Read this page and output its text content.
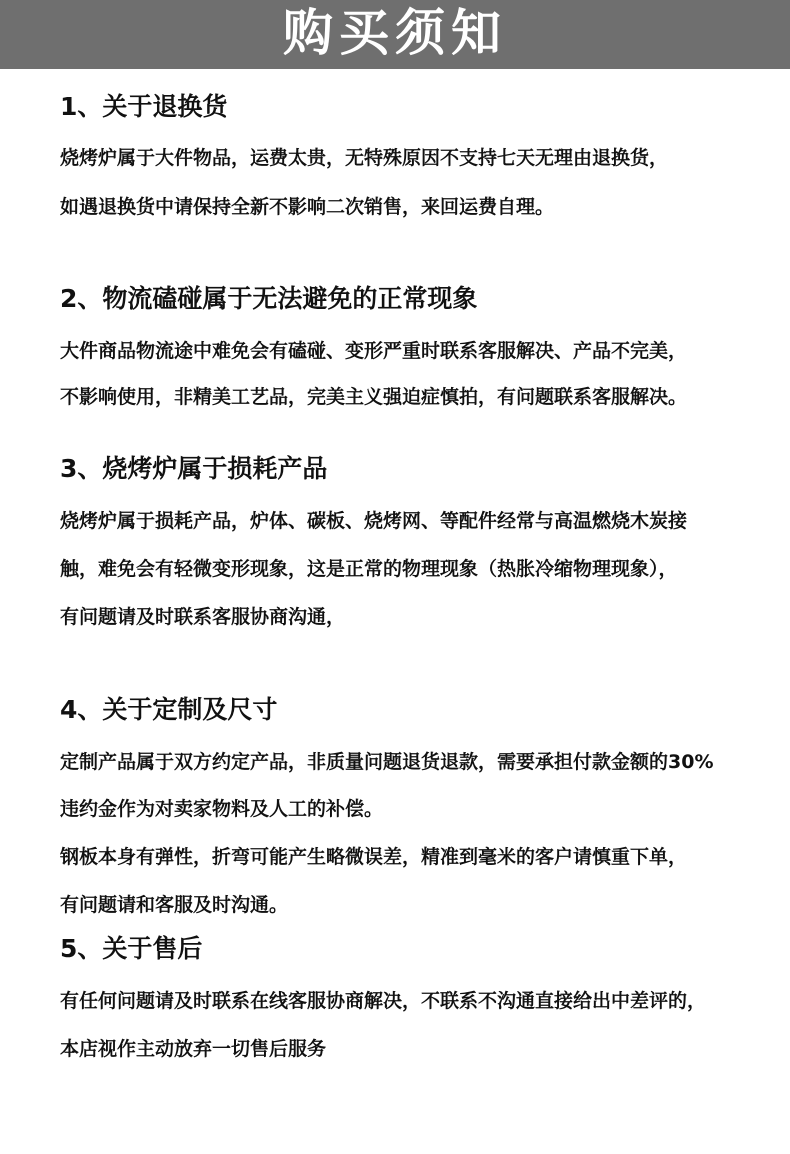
购买须知
1、关于退换货
烧烤炉属于大件物品，运费太贵，无特殊原因不支持七天无理由退换货，
如遇退换货中请保持全新不影响二次销售，来回运费自理。
2、物流磕碰属于无法避免的正常现象
大件商品物流途中难免会有磕碰、变形严重时联系客服解决、产品不完美，
不影响使用，非精美工艺品，完美主义强迫症慎拍，有问题联系客服解决。
3、烧烤炉属于损耗产品
烧烤炉属于损耗产品，炉体、碳板、烧烤网、等配件经常与高温燃烧木炭接
触，难免会有轻微变形现象，这是正常的物理现象（热胀冷缩物理现象），
有问题请及时联系客服协商沟通，
4、关于定制及尺寸
定制产品属于双方约定产品，非质量问题退货退款，需要承担付款金额的30%
违约金作为对卖家物料及人工的补偿。
钢板本身有弹性，折弯可能产生略微误差，精准到毫米的客户请慎重下单，
有问题请和客服及时沟通。
5、关于售后
有任何问题请及时联系在线客服协商解决，不联系不沟通直接给出中差评的，
本店视作主动放弃一切售后服务
